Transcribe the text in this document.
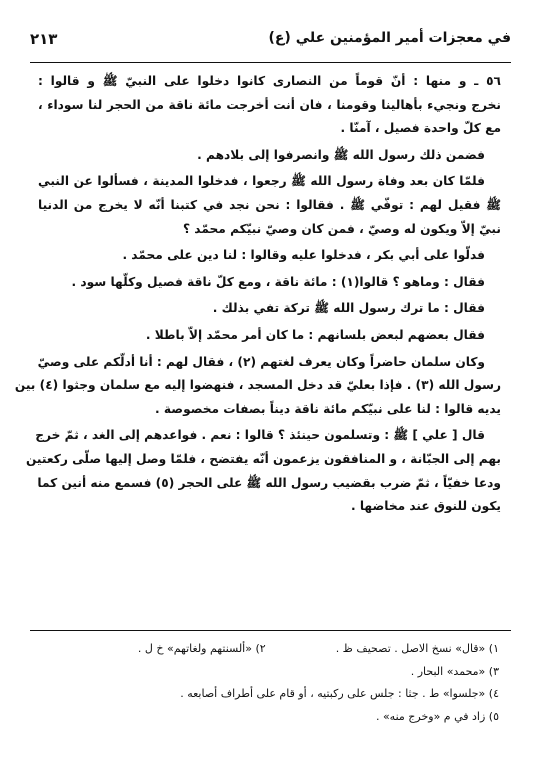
في معجزات أمير المؤمنين علي (ع)
٢١٣
٥٦ ـ و منها : أنّ قوماً من النصارى كانوا دخلوا على النبيّ ﷺ و قالوا :
نخرج ونجيء بأهالينا وقومنا ، فان أنت أخرجت مائة ناقة من الحجر لنا سوداء ،
مع كلّ واحدة فصيل ، آمنّا .
فضمن ذلك رسول الله ﷺ وانصرفوا إلى بلادهم .
فلمّا كان بعد وفاة رسول الله ﷺ رجعوا ، فدخلوا المدينة ، فسألوا عن النبي
ﷺ فقيل لهم : توفّي ﷺ . فقالوا : نحن نجد في كتبنا أنّه لا يخرج من الدنيا
نبيّ إلاّ ويكون له وصيّ ، فمن كان وصيّ نبيّكم محمّد ؟
فدلّوا على أبي بكر ، فدخلوا عليه وقالوا : لنا دين على محمّد .
فقال : وماهو ؟ قالوا(١) : مائة ناقة ، ومع كلّ ناقة فصيل وكلّها سود .
فقال : ما ترك رسول الله ﷺ تركة تفي بذلك .
فقال بعضهم لبعض بلسانهم : ما كان أمر محمّد إلاّ باطلا .
وكان سلمان حاضراً وكان يعرف لغتهم (٢) ، فقال لهم : أنا أدلّكم على وصيّ
رسول الله (٣) . فإذا بعليّ قد دخل المسجد ، فنهضوا إليه مع سلمان وجثوا (٤) بين
يديه قالوا : لنا على نبيّكم مائة ناقة ديناً بصفات مخصوصة .
قال [ علي ] ﷺ : وتسلمون حينئذ ؟ قالوا : نعم . فواعدهم إلى الغد ، ثمّ خرج
بهم إلى الجبّانة ، و المنافقون يزعمون أنّه يفتضح ، فلمّا وصل إليها صلّى ركعتين
ودعا خفيّاً ، ثمّ ضرب بقضيب رسول الله ﷺ على الحجر (٥) فسمع منه أنين كما
يكون للنوق عند مخاضها .
١) «قال» نسخ الاصل . تصحيف ظ .
٢) «ألسنتهم ولغاتهم» خ ل .
٣) «محمد» البحار .
٤) «جلسوا» ط . جثا : جلس على ركبتيه ، أو قام على أطراف أصابعه .
٥) زاد في م «وخرج منه» .
